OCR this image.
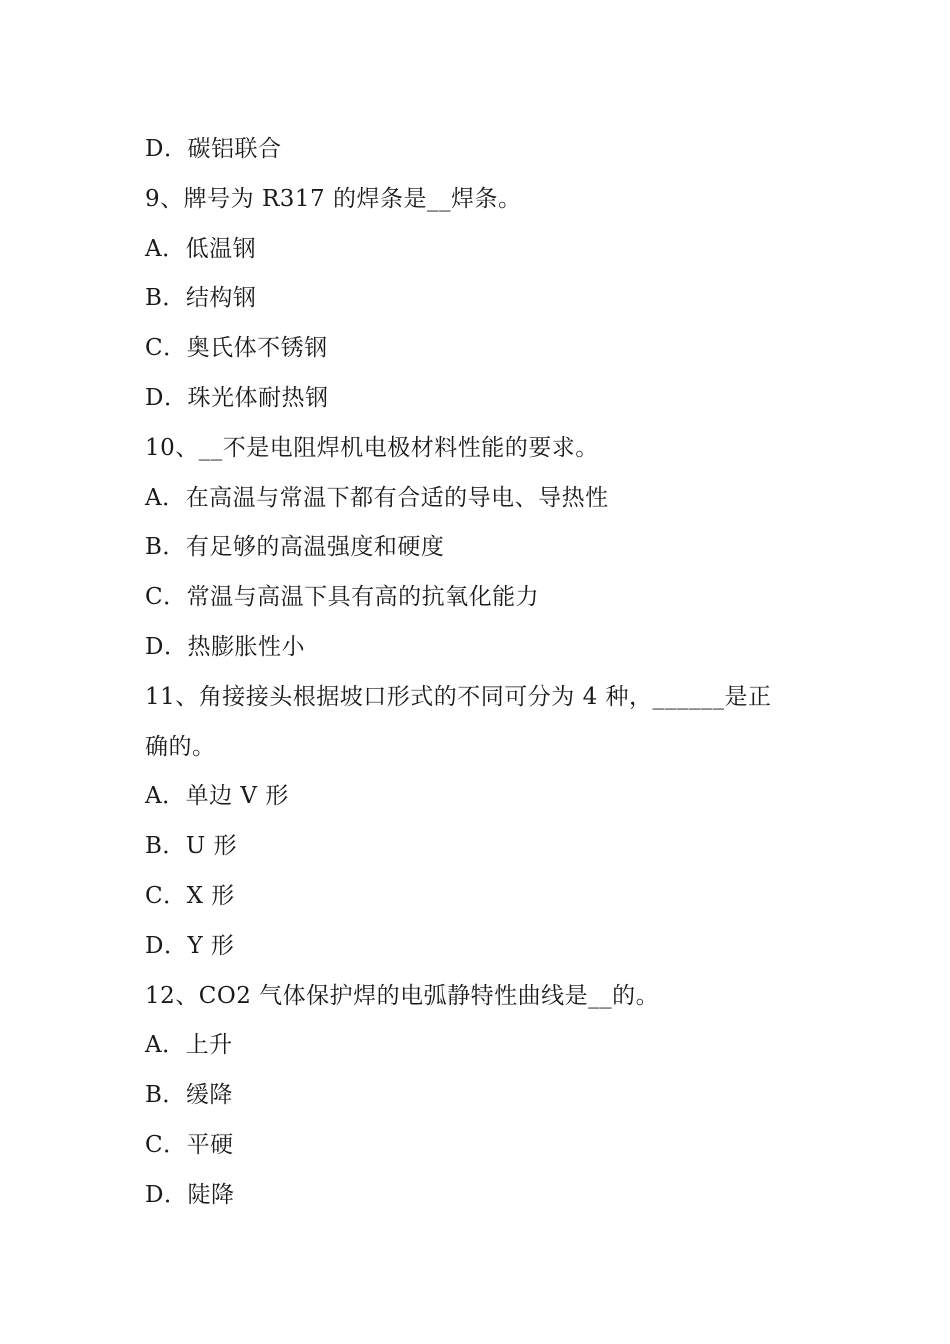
D．碳铝联合
9、牌号为 R317 的焊条是__焊条。
A．低温钢
B．结构钢
C．奥氏体不锈钢
D．珠光体耐热钢
10、__不是电阻焊机电极材料性能的要求。
A．在高温与常温下都有合适的导电、导热性
B．有足够的高温强度和硬度
C．常温与高温下具有高的抗氧化能力
D．热膨胀性小
11、角接接头根据坡口形式的不同可分为 4 种，______是正
确的。
A．单边 V 形
B．U 形
C．X 形
D．Y 形
12、CO2 气体保护焊的电弧静特性曲线是__的。
A．上升
B．缓降
C．平硬
D．陡降
